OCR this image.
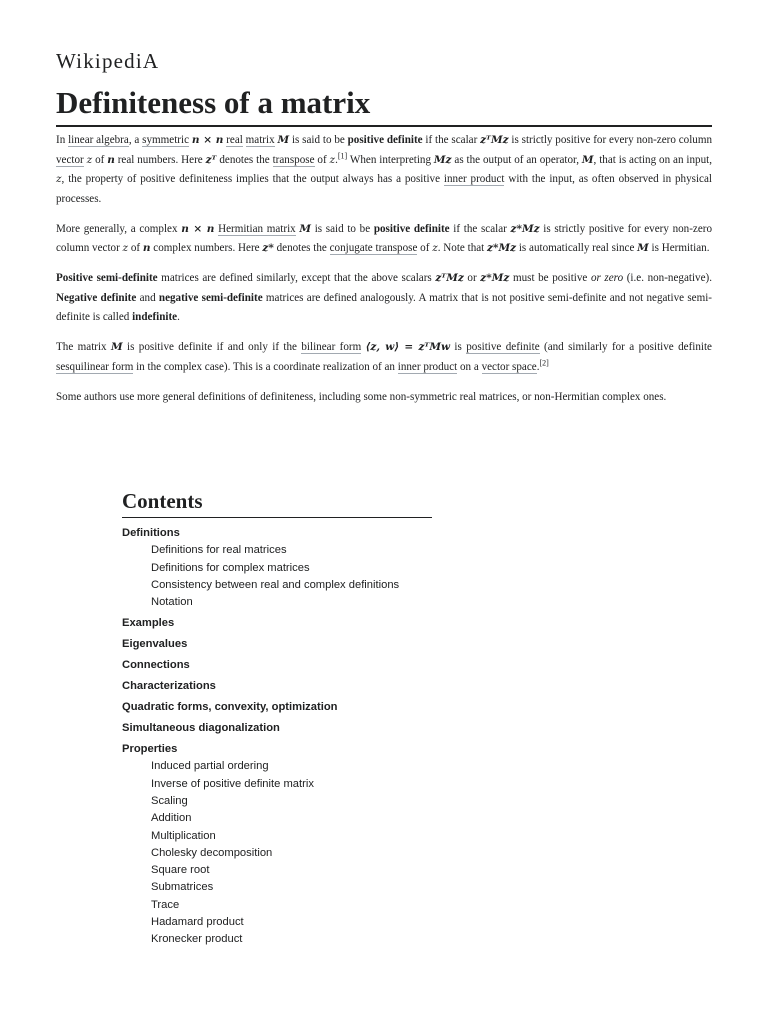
WikipediA
Definiteness of a matrix

In linear algebra, a symmetric n × n real matrix M is said to be positive definite if the scalar zᵀMz is strictly positive for every non-zero column vector z of n real numbers. Here zᵀ denotes the transpose of z.[1] When interpreting Mz as the output of an operator, M, that is acting on an input, z, the property of positive definiteness implies that the output always has a positive inner product with the input, as often observed in physical processes.

More generally, a complex n × n Hermitian matrix M is said to be positive definite if the scalar z*Mz is strictly positive for every non-zero column vector z of n complex numbers. Here z* denotes the conjugate transpose of z. Note that z*Mz is automatically real since M is Hermitian.

Positive semi-definite matrices are defined similarly, except that the above scalars zᵀMz or z*Mz must be positive or zero (i.e. non-negative). Negative definite and negative semi-definite matrices are defined analogously. A matrix that is not positive semi-definite and not negative semi-definite is called indefinite.

The matrix M is positive definite if and only if the bilinear form ⟨z, w⟩ = zᵀMw is positive definite (and similarly for a positive definite sesquilinear form in the complex case). This is a coordinate realization of an inner product on a vector space.[2]

Some authors use more general definitions of definiteness, including some non-symmetric real matrices, or non-Hermitian complex ones.

Contents
Definitions
Definitions for real matrices
Definitions for complex matrices
Consistency between real and complex definitions
Notation
Examples
Eigenvalues
Connections
Characterizations
Quadratic forms, convexity, optimization
Simultaneous diagonalization
Properties
Induced partial ordering
Inverse of positive definite matrix
Scaling
Addition
Multiplication
Cholesky decomposition
Square root
Submatrices
Trace
Hadamard product
Kronecker product
